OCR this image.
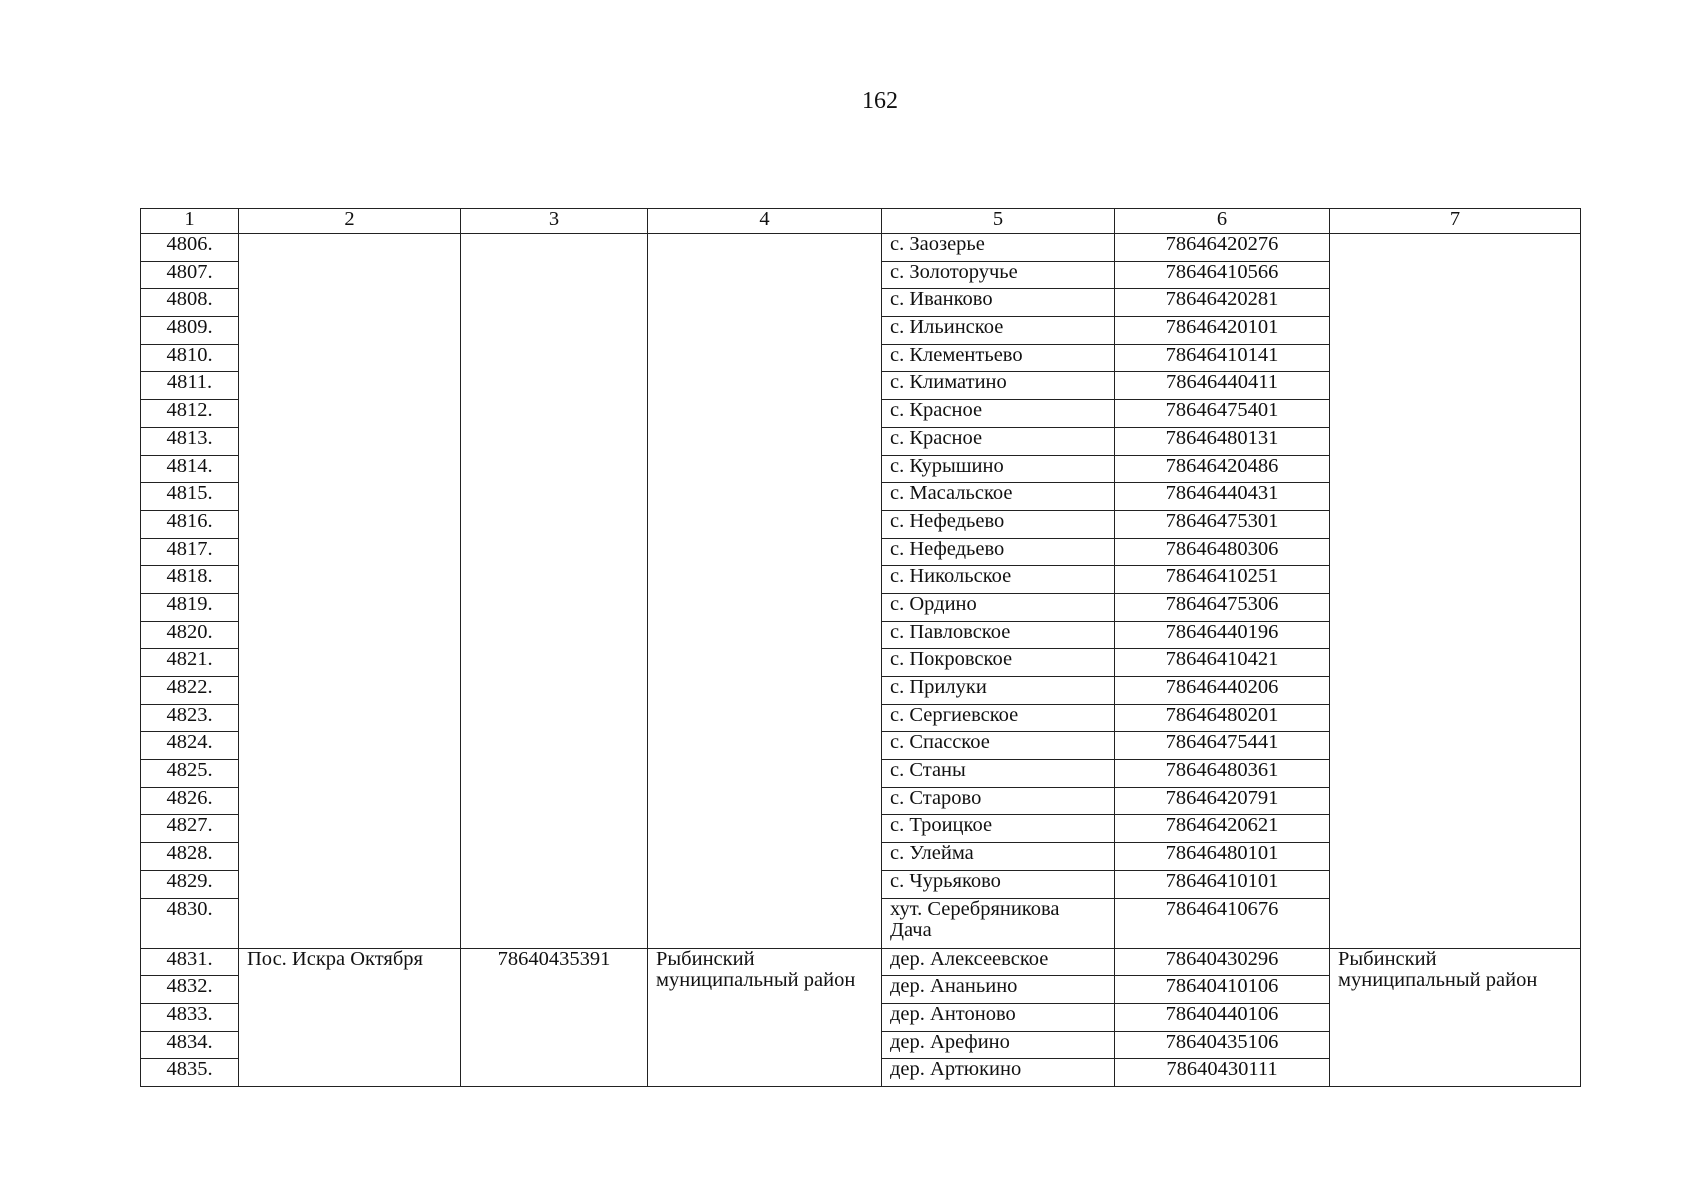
162
1	2	3	4	5	6	7
4806.				с. Заозерье	78646420276	
4807.				с. Золоторучье	78646410566	
4808.				с. Иванково	78646420281	
4809.				с. Ильинское	78646420101	
4810.				с. Клементьево	78646410141	
4811.				с. Климатино	78646440411	
4812.				с. Красное	78646475401	
4813.				с. Красное	78646480131	
4814.				с. Курышино	78646420486	
4815.				с. Масальское	78646440431	
4816.				с. Нефедьево	78646475301	
4817.				с. Нефедьево	78646480306	
4818.				с. Никольское	78646410251	
4819.				с. Ордино	78646475306	
4820.				с. Павловское	78646440196	
4821.				с. Покровское	78646410421	
4822.				с. Прилуки	78646440206	
4823.				с. Сергиевское	78646480201	
4824.				с. Спасское	78646475441	
4825.				с. Станы	78646480361	
4826.				с. Старово	78646420791	
4827.				с. Троицкое	78646420621	
4828.				с. Улейма	78646480101	
4829.				с. Чурьяково	78646410101	
4830.				хут. Серебряникова Дача	78646410676	
4831.	Пос. Искра Октября	78640435391	Рыбинский муниципальный район	дер. Алексеевское	78640430296	Рыбинский муниципальный район
4832.				дер. Ананьино	78640410106	
4833.				дер. Антоново	78640440106	
4834.				дер. Арефино	78640435106	
4835.				дер. Артюкино	78640430111	
